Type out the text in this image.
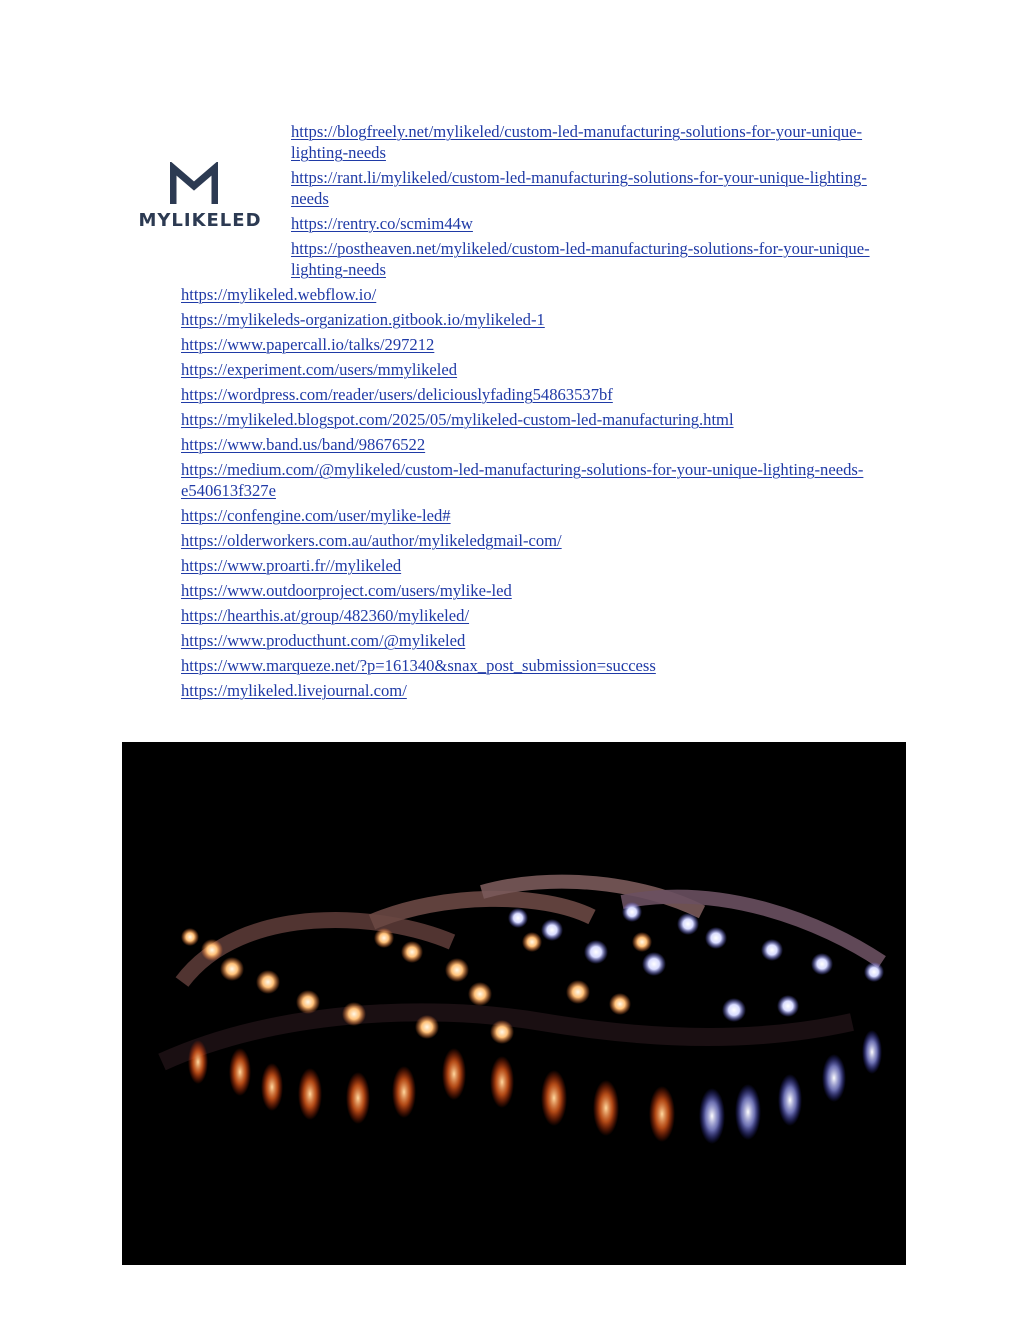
MYLIKELED
https://blogfreely.net/mylikeled/custom-led-manufacturing-solutions-for-your-unique-lighting-needs
https://rant.li/mylikeled/custom-led-manufacturing-solutions-for-your-unique-lighting-needs
https://rentry.co/scmim44w
https://postheaven.net/mylikeled/custom-led-manufacturing-solutions-for-your-unique-lighting-needs
https://mylikeled.webflow.io/
https://mylikeleds-organization.gitbook.io/mylikeled-1
https://www.papercall.io/talks/297212
https://experiment.com/users/mmylikeled
https://wordpress.com/reader/users/deliciouslyfading54863537bf
https://mylikeled.blogspot.com/2025/05/mylikeled-custom-led-manufacturing.html
https://www.band.us/band/98676522
https://medium.com/@mylikeled/custom-led-manufacturing-solutions-for-your-unique-lighting-needs-e540613f327e
https://confengine.com/user/mylike-led#
https://olderworkers.com.au/author/mylikeledgmail-com/
https://www.proarti.fr//mylikeled
https://www.outdoorproject.com/users/mylike-led
https://hearthis.at/group/482360/mylikeled/
https://www.producthunt.com/@mylikeled
https://www.marqueze.net/?p=161340&snax_post_submission=success
https://mylikeled.livejournal.com/
